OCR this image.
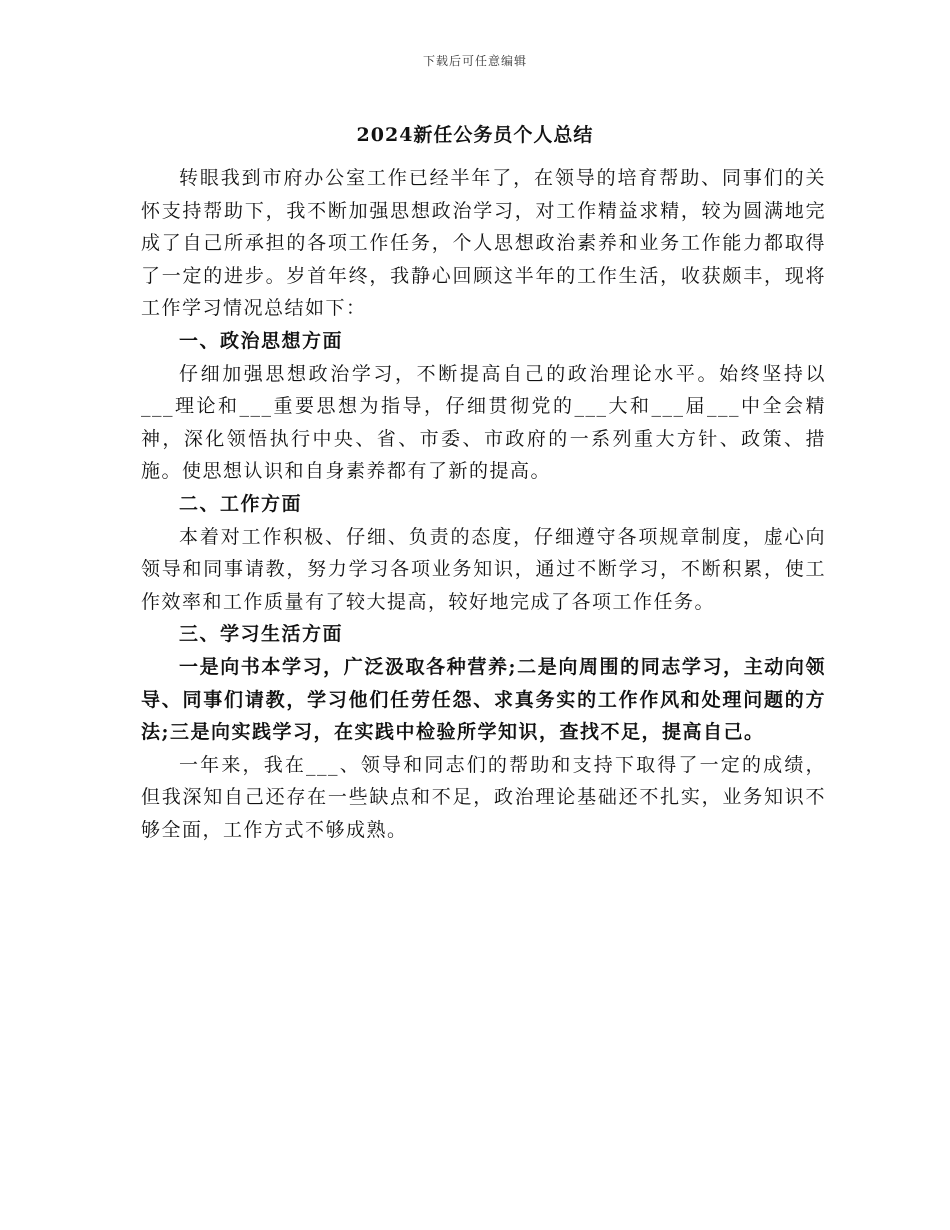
下载后可任意编辑
2024新任公务员个人总结

转眼我到市府办公室工作已经半年了，在领导的培育帮助、同事们的关怀支持帮助下，我不断加强思想政治学习，对工作精益求精，较为圆满地完成了自己所承担的各项工作任务，个人思想政治素养和业务工作能力都取得了一定的进步。岁首年终，我静心回顾这半年的工作生活，收获颇丰，现将工作学习情况总结如下：

一、政治思想方面

仔细加强思想政治学习，不断提高自己的政治理论水平。始终坚持以___理论和___重要思想为指导，仔细贯彻党的___大和___届___中全会精神，深化领悟执行中央、省、市委、市政府的一系列重大方针、政策、措施。使思想认识和自身素养都有了新的提高。

二、工作方面

本着对工作积极、仔细、负责的态度，仔细遵守各项规章制度，虚心向领导和同事请教，努力学习各项业务知识，通过不断学习，不断积累，使工作效率和工作质量有了较大提高，较好地完成了各项工作任务。

三、学习生活方面

一是向书本学习，广泛汲取各种营养;二是向周围的同志学习，主动向领导、同事们请教，学习他们任劳任怨、求真务实的工作作风和处理问题的方法;三是向实践学习，在实践中检验所学知识，查找不足，提高自己。

一年来，我在___、领导和同志们的帮助和支持下取得了一定的成绩，但我深知自己还存在一些缺点和不足，政治理论基础还不扎实，业务知识不够全面，工作方式不够成熟。
